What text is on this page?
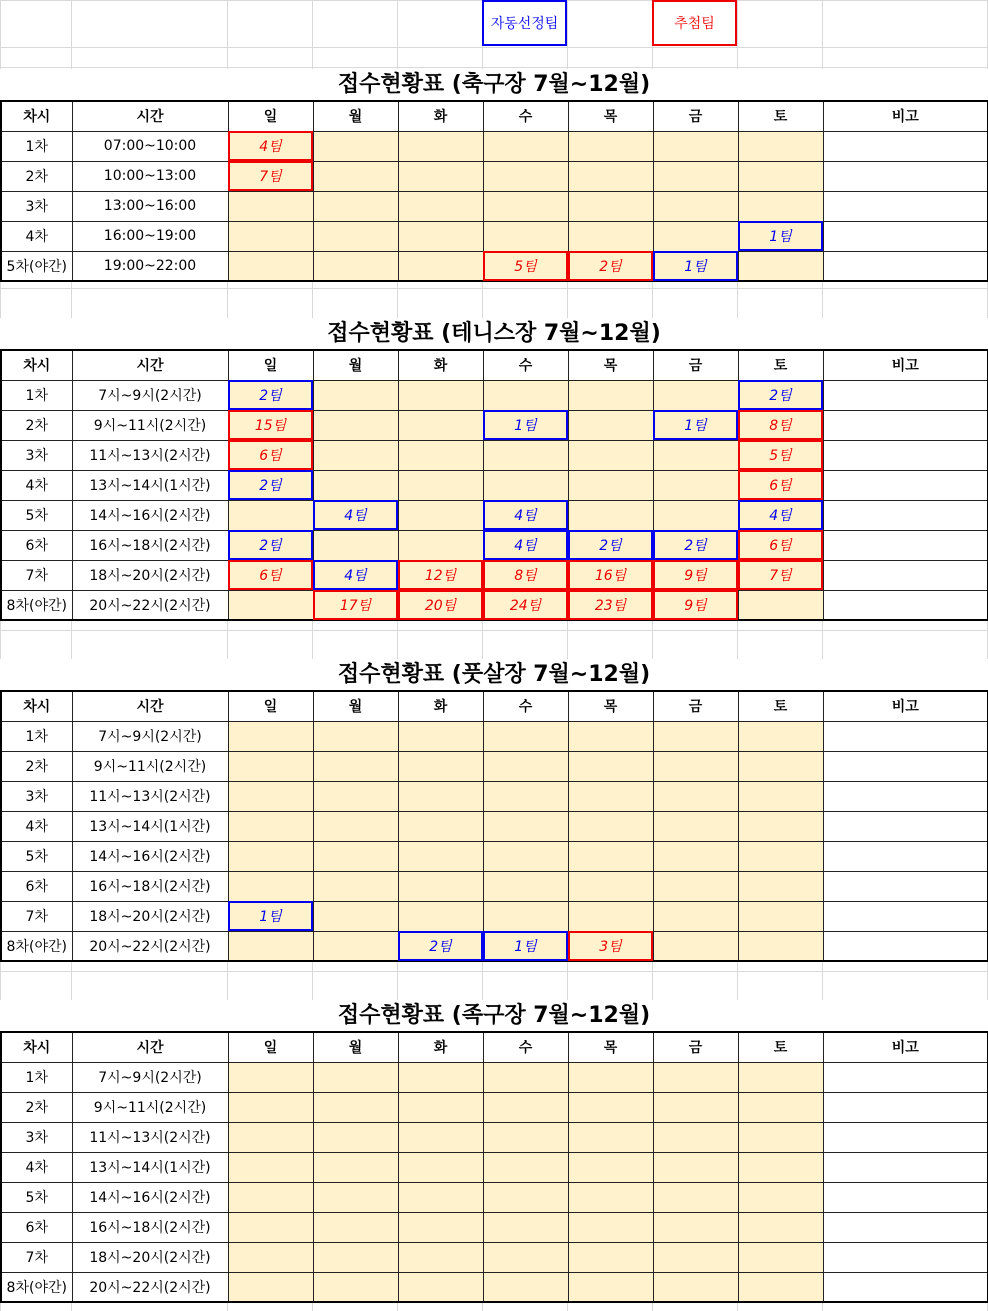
자동선정팀	추첨팀
접수현황표 (축구장 7월~12월)
차시	시간	일	월	화	수	목	금	토	비고
1차	07:00~10:00	4팀							
2차	10:00~13:00	7팀							
3차	13:00~16:00								
4차	16:00~19:00							1팀	
5차(야간)	19:00~22:00				5팀	2팀	1팀		
접수현황표 (테니스장 7월~12월)
차시	시간	일	월	화	수	목	금	토	비고
1차	7시~9시(2시간)	2팀						2팀	
2차	9시~11시(2시간)	15팀			1팀		1팀	8팀	
3차	11시~13시(2시간)	6팀						5팀	
4차	13시~14시(1시간)	2팀						6팀	
5차	14시~16시(2시간)		4팀		4팀			4팀	
6차	16시~18시(2시간)	2팀			4팀	2팀	2팀	6팀	
7차	18시~20시(2시간)	6팀	4팀	12팀	8팀	16팀	9팀	7팀	
8차(야간)	20시~22시(2시간)		17팀	20팀	24팀	23팀	9팀		
접수현황표 (풋살장 7월~12월)
차시	시간	일	월	화	수	목	금	토	비고
1차	7시~9시(2시간)								
2차	9시~11시(2시간)								
3차	11시~13시(2시간)								
4차	13시~14시(1시간)								
5차	14시~16시(2시간)								
6차	16시~18시(2시간)								
7차	18시~20시(2시간)	1팀							
8차(야간)	20시~22시(2시간)			2팀	1팀	3팀			
접수현황표 (족구장 7월~12월)
차시	시간	일	월	화	수	목	금	토	비고
1차	7시~9시(2시간)								
2차	9시~11시(2시간)								
3차	11시~13시(2시간)								
4차	13시~14시(1시간)								
5차	14시~16시(2시간)								
6차	16시~18시(2시간)								
7차	18시~20시(2시간)								
8차(야간)	20시~22시(2시간)								
